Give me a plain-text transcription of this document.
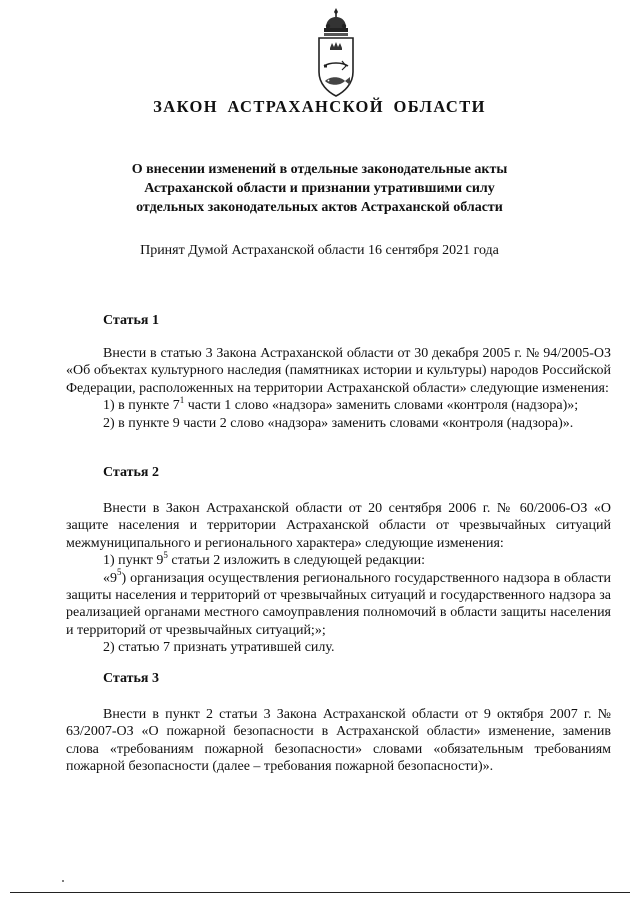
ЗАКОН АСТРАХАНСКОЙ ОБЛАСТИ
О внесении изменений в отдельные законодательные акты
Астраханской области и признании утратившими силу
отдельных законодательных актов Астраханской области
Принят Думой Астраханской области 16 сентября 2021 года
Статья 1

Внести в статью 3 Закона Астраханской области от 30 декабря 2005 г. № 94/2005-ОЗ «Об объектах культурного наследия (памятниках истории и культуры) народов Российской Федерации, расположенных на территории Астраханской области» следующие изменения:

1) в пункте $7^1$ части 1 слово «надзора» заменить словами «контроля (надзора)»;

2) в пункте 9 части 2 слово «надзора» заменить словами «контроля (надзора)».

Статья 2

Внести в Закон Астраханской области от 20 сентября 2006 г. № 60/2006-ОЗ «О защите населения и территории Астраханской области от чрезвычайных ситуаций межмуниципального и регионального характера» следующие изменения:

1) пункт $9^5$ статьи 2 изложить в следующей редакции:

«$9^5$) организация осуществления регионального государственного надзора в области защиты населения и территорий от чрезвычайных ситуаций и государственного надзора за реализацией органами местного самоуправления полномочий в области защиты населения и территорий от чрезвычайных ситуаций;»;

2) статью 7 признать утратившей силу.

Статья 3

Внести в пункт 2 статьи 3 Закона Астраханской области от 9 октября 2007 г. № 63/2007-ОЗ «О пожарной безопасности в Астраханской области» изменение, заменив слова «требованиям пожарной безопасности» словами «обязательным требованиям пожарной безопасности (далее – требования пожарной безопасности)».
